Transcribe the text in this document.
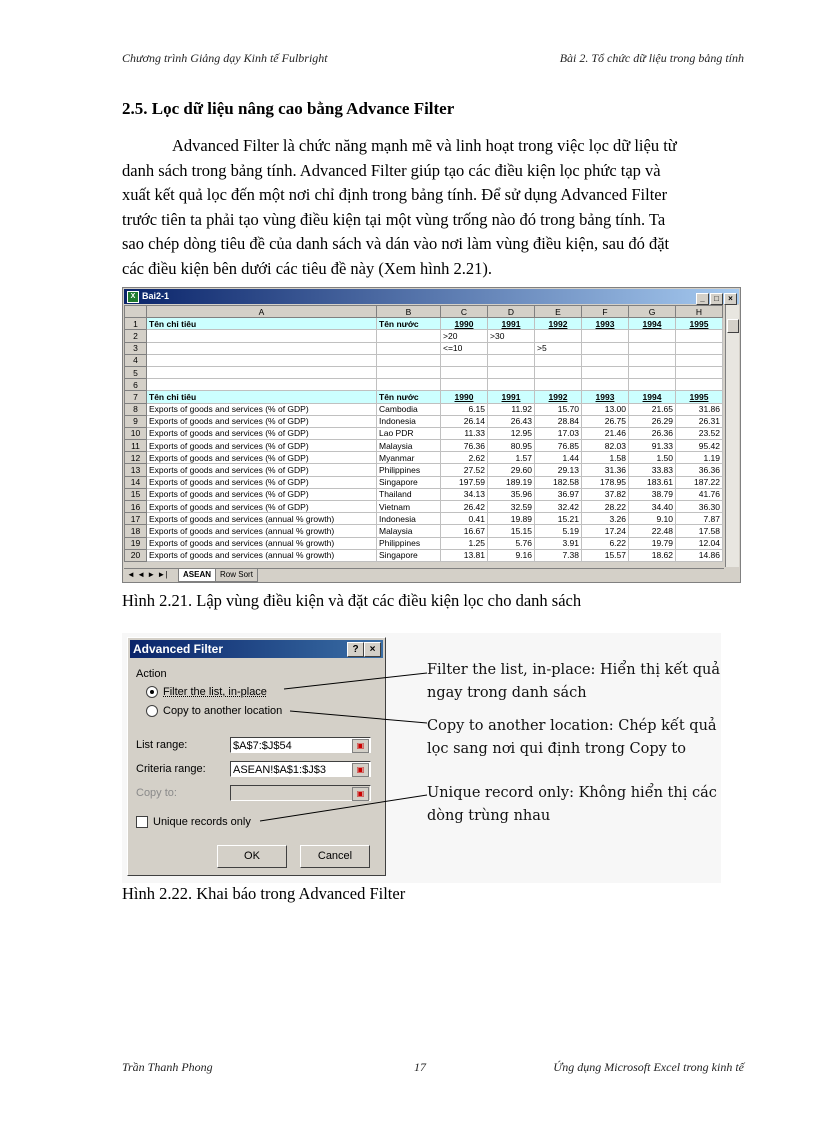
Chương trình Giảng dạy Kinh tế Fulbright	Bài 2. Tổ chức dữ liệu trong bảng tính
2.5. Lọc dữ liệu nâng cao bằng Advance Filter
Advanced Filter là chức năng mạnh mẽ và linh hoạt trong việc lọc dữ liệu từ
danh sách trong bảng tính. Advanced Filter giúp tạo các điều kiện lọc phức tạp và
xuất kết quả lọc đến một nơi chỉ định trong bảng tính. Để sử dụng Advanced Filter
trước tiên ta phải tạo vùng điều kiện tại một vùng trống nào đó trong bảng tính. Ta
sao chép dòng tiêu đề của danh sách và dán vào nơi làm vùng điều kiện, sau đó đặt
các điều kiện bên dưới các tiêu đề này (Xem hình 2.21).
X Bai2-1	_ □ ×
	A	B	C	D	E	F	G	H
1	Tên chỉ tiêu	Tên nước	1990	1991	1992	1993	1994	1995
2			>20	>30				
3			<=10		>5			
4								
5								
6								
7	Tên chỉ tiêu	Tên nước	1990	1991	1992	1993	1994	1995
8	Exports of goods and services (% of GDP)	Cambodia	6.15	11.92	15.70	13.00	21.65	31.86
9	Exports of goods and services (% of GDP)	Indonesia	26.14	26.43	28.84	26.75	26.29	26.31
10	Exports of goods and services (% of GDP)	Lao PDR	11.33	12.95	17.03	21.46	26.36	23.52
11	Exports of goods and services (% of GDP)	Malaysia	76.36	80.95	76.85	82.03	91.33	95.42
12	Exports of goods and services (% of GDP)	Myanmar	2.62	1.57	1.44	1.58	1.50	1.19
13	Exports of goods and services (% of GDP)	Philippines	27.52	29.60	29.13	31.36	33.83	36.36
14	Exports of goods and services (% of GDP)	Singapore	197.59	189.19	182.58	178.95	183.61	187.22
15	Exports of goods and services (% of GDP)	Thailand	34.13	35.96	36.97	37.82	38.79	41.76
16	Exports of goods and services (% of GDP)	Vietnam	26.42	32.59	32.42	28.22	34.40	36.30
17	Exports of goods and services (annual % growth)	Indonesia	0.41	19.89	15.21	3.26	9.10	7.87
18	Exports of goods and services (annual % growth)	Malaysia	16.67	15.15	5.19	17.24	22.48	17.58
19	Exports of goods and services (annual % growth)	Philippines	1.25	5.76	3.91	6.22	19.79	12.04
20	Exports of goods and services (annual % growth)	Singapore	13.81	9.16	7.38	15.57	18.62	14.86
◄ ◄ ► ►| ASEAN Row Sort
Hình 2.21. Lập vùng điều kiện và đặt các điều kiện lọc cho danh sách
Advanced Filter	?	×
Action
Filter the list, in-place
Copy to another location
List range:	$A$7:$J$54	▣
Criteria range: ASEAN!$A$1:$J$3	▣
Copy to:	▣
Unique records only
OK	Cancel
Filter the list, in-place: Hiển thị kết quả
ngay trong danh sách
Copy to another location: Chép kết quả
lọc sang nơi qui định trong Copy to
Unique record only: Không hiển thị các
dòng trùng nhau
Hình 2.22. Khai báo trong Advanced Filter
Trần Thanh Phong	17	Ứng dụng Microsoft Excel trong kinh tế
